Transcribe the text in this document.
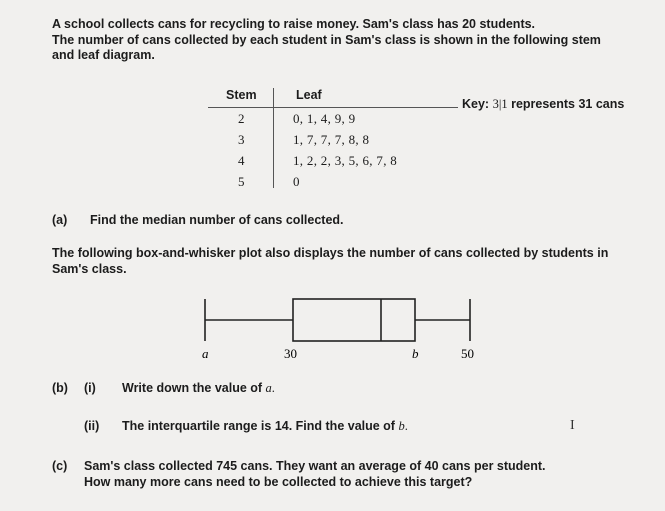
A school collects cans for recycling to raise money. Sam's class has 20 students.
The number of cans collected by each student in Sam's class is shown in the following stem
and leaf diagram.
Stem	Leaf
2	0, 1, 4, 9, 9
3	1, 7, 7, 7, 8, 8
4	1, 2, 2, 3, 5, 6, 7, 8
5	0
Key: 3|1 represents 31 cans
(a) Find the median number of cans collected.
The following box-and-whisker plot also displays the number of cans collected by students in
Sam's class.
a	30	b	50
(b) (i) Write down the value of a.
(ii) The interquartile range is 14. Find the value of b.	I
(c) Sam's class collected 745 cans. They want an average of 40 cans per student.
How many more cans need to be collected to achieve this target?
